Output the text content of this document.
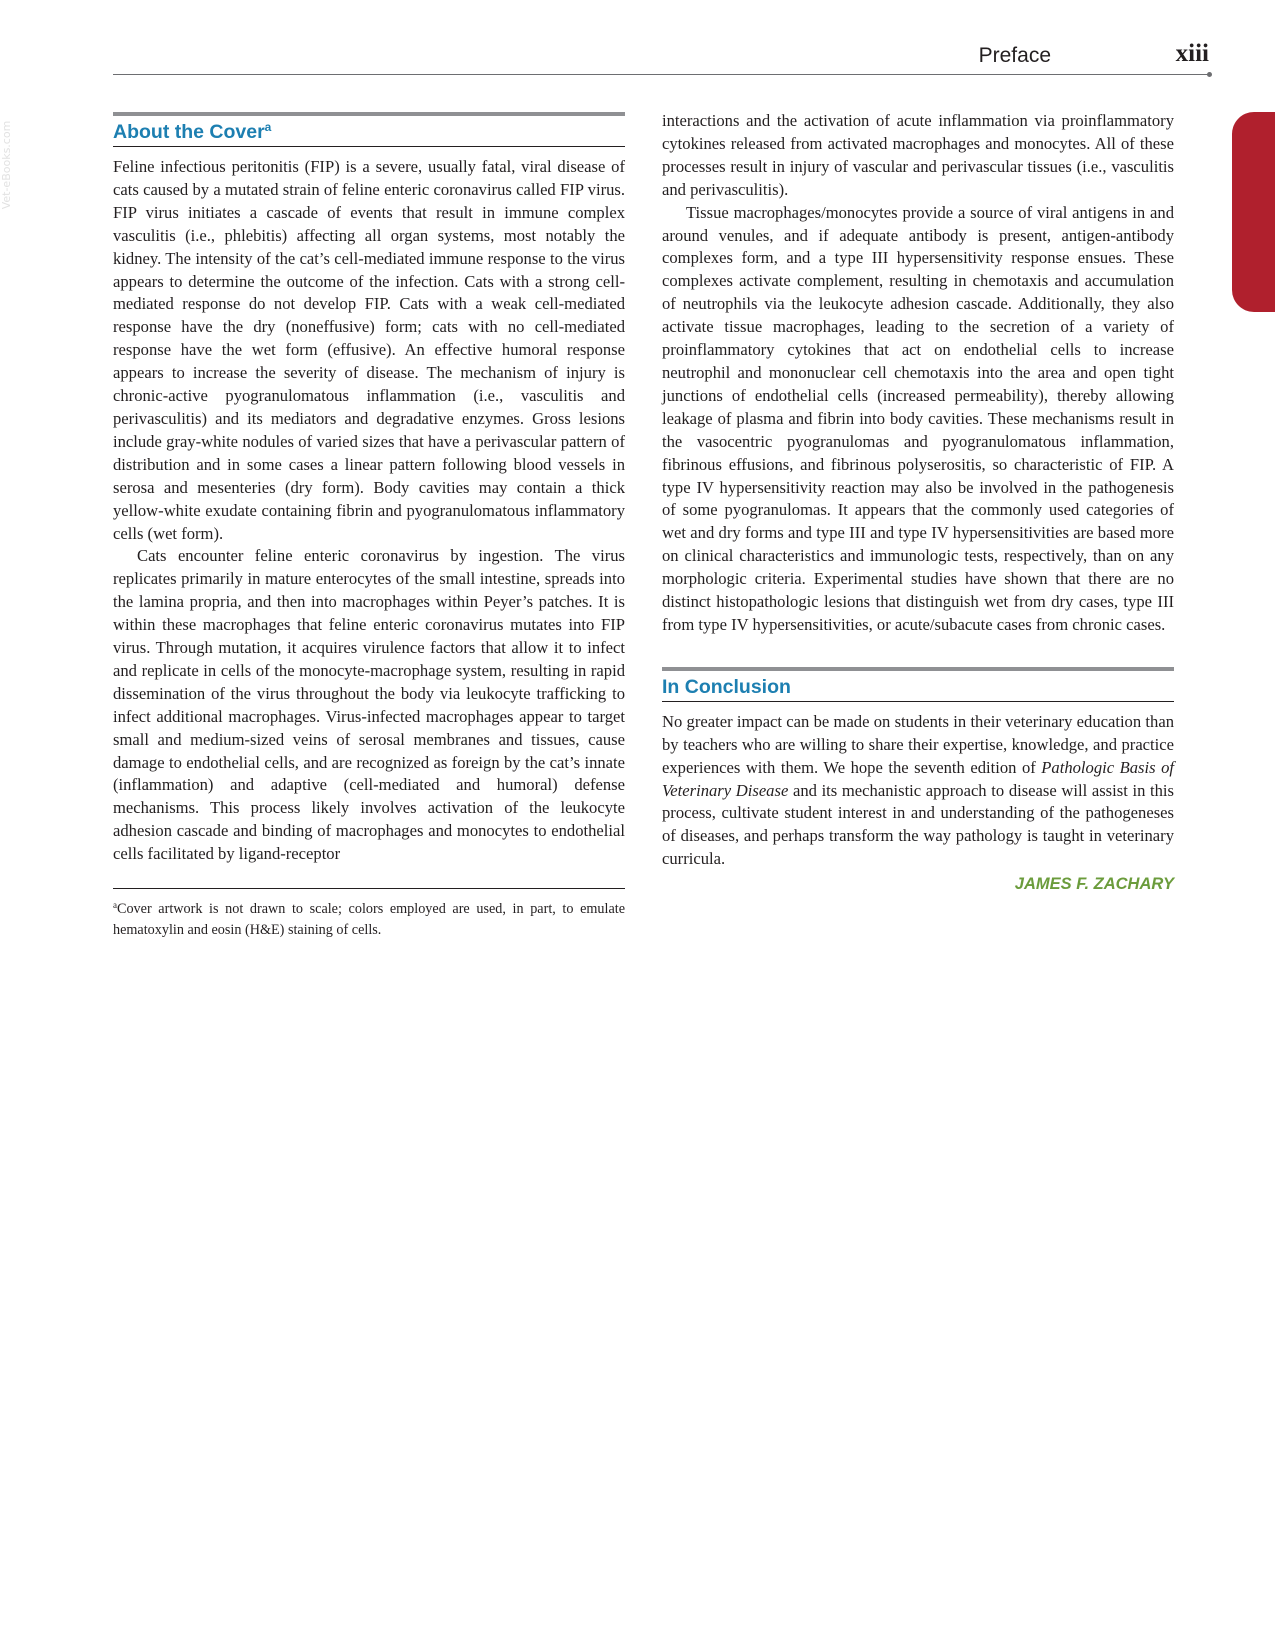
Preface	xiii
Vet-eBooks.com	About the Cover$^a$

Feline infectious peritonitis (FIP) is a severe, usually fatal, viral disease of cats caused by a mutated strain of feline enteric coronavirus called FIP virus. FIP virus initiates a cascade of events that result in immune complex vasculitis (i.e., phlebitis) affecting all organ systems, most notably the kidney. The intensity of the cat’s cell-mediated immune response to the virus appears to determine the outcome of the infection. Cats with a strong cell-mediated response do not develop FIP. Cats with a weak cell-mediated response have the dry (noneffusive) form; cats with no cell-mediated response have the wet form (effusive). An effective humoral response appears to increase the severity of disease. The mechanism of injury is chronic-active pyogranulomatous inflammation (i.e., vasculitis and perivasculitis) and its mediators and degradative enzymes. Gross lesions include gray-white nodules of varied sizes that have a perivascular pattern of distribution and in some cases a linear pattern following blood vessels in serosa and mesenteries (dry form). Body cavities may contain a thick yellow-white exudate containing fibrin and pyogranulomatous inflammatory cells (wet form).

Cats encounter feline enteric coronavirus by ingestion. The virus replicates primarily in mature enterocytes of the small intestine, spreads into the lamina propria, and then into macrophages within Peyer’s patches. It is within these macrophages that feline enteric coronavirus mutates into FIP virus. Through mutation, it acquires virulence factors that allow it to infect and replicate in cells of the monocyte-macrophage system, resulting in rapid dissemination of the virus throughout the body via leukocyte trafficking to infect additional macrophages. Virus-infected macrophages appear to target small and medium-sized veins of serosal membranes and tissues, cause damage to endothelial cells, and are recognized as foreign by the cat’s innate (inflammation) and adaptive (cell-mediated and humoral) defense mechanisms. This process likely involves activation of the leukocyte adhesion cascade and binding of macrophages and monocytes to endothelial cells facilitated by ligand-receptor

$^a$Cover artwork is not drawn to scale; colors employed are used, in part, to emulate hematoxylin and eosin (H&E) staining of cells.

interactions and the activation of acute inflammation via proinflammatory cytokines released from activated macrophages and monocytes. All of these processes result in injury of vascular and perivascular tissues (i.e., vasculitis and perivasculitis).

Tissue macrophages/monocytes provide a source of viral antigens in and around venules, and if adequate antibody is present, antigen-antibody complexes form, and a type III hypersensitivity response ensues. These complexes activate complement, resulting in chemotaxis and accumulation of neutrophils via the leukocyte adhesion cascade. Additionally, they also activate tissue macrophages, leading to the secretion of a variety of proinflammatory cytokines that act on endothelial cells to increase neutrophil and mononuclear cell chemotaxis into the area and open tight junctions of endothelial cells (increased permeability), thereby allowing leakage of plasma and fibrin into body cavities. These mechanisms result in the vasocentric pyogranulomas and pyogranulomatous inflammation, fibrinous effusions, and fibrinous polyserositis, so characteristic of FIP. A type IV hypersensitivity reaction may also be involved in the pathogenesis of some pyogranulomas. It appears that the commonly used categories of wet and dry forms and type III and type IV hypersensitivities are based more on clinical characteristics and immunologic tests, respectively, than on any morphologic criteria. Experimental studies have shown that there are no distinct histopathologic lesions that distinguish wet from dry cases, type III from type IV hypersensitivities, or acute/subacute cases from chronic cases.

In Conclusion

No greater impact can be made on students in their veterinary education than by teachers who are willing to share their expertise, knowledge, and practice experiences with them. We hope the seventh edition of Pathologic Basis of Veterinary Disease and its mechanistic approach to disease will assist in this process, cultivate student interest in and understanding of the pathogeneses of diseases, and perhaps transform the way pathology is taught in veterinary curricula.

JAMES F. ZACHARY
